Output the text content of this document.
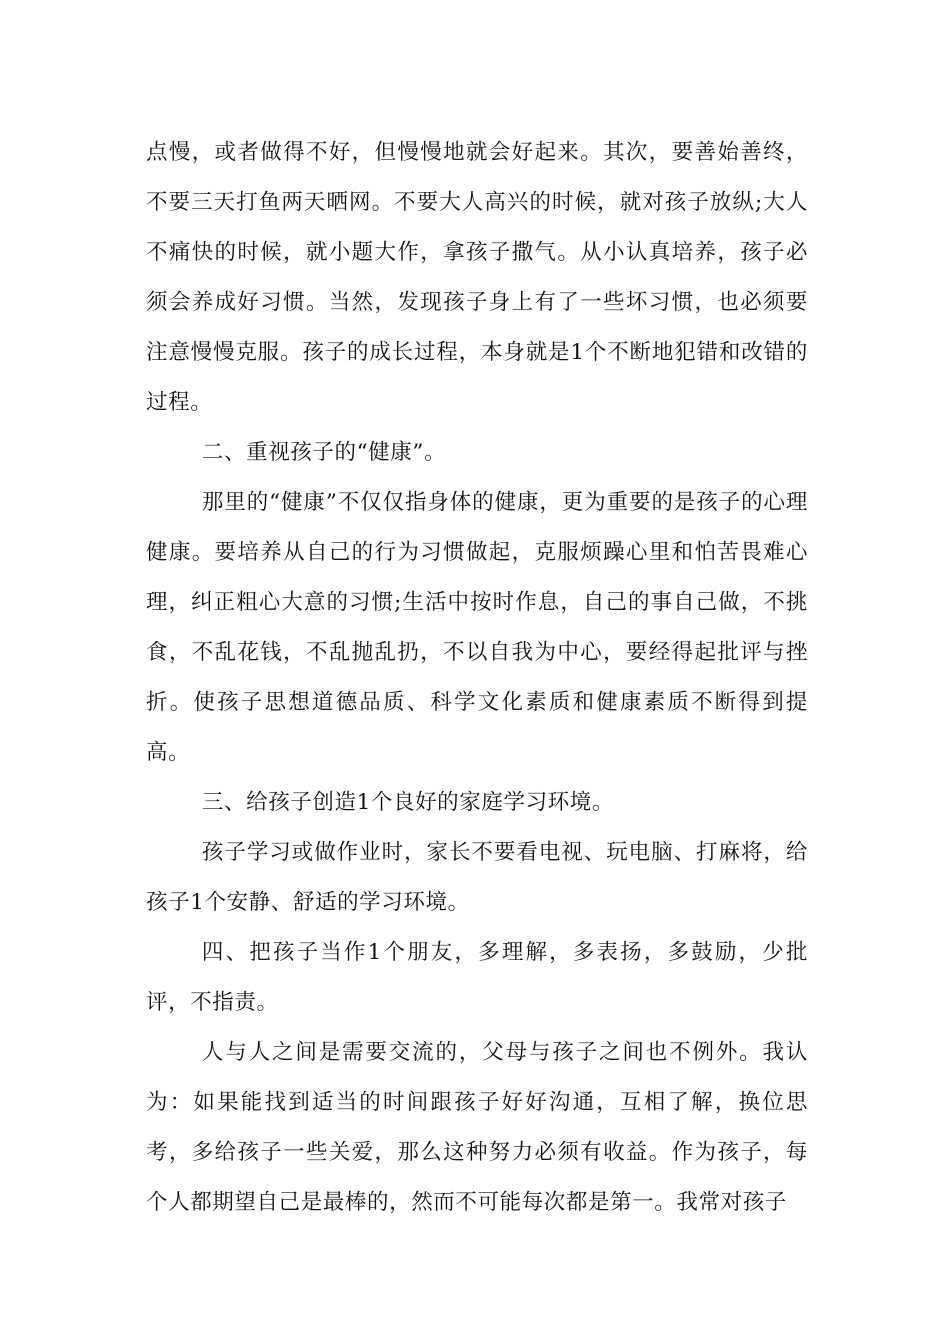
点慢，或者做得不好，但慢慢地就会好起来。其次，要善始善终，不要三天打鱼两天晒网。不要大人高兴的时候，就对孩子放纵;大人不痛快的时候，就小题大作，拿孩子撒气。从小认真培养，孩子必须会养成好习惯。当然，发现孩子身上有了一些坏习惯，也必须要注意慢慢克服。孩子的成长过程，本身就是1个不断地犯错和改错的过程。

二、重视孩子的“健康”。

那里的“健康”不仅仅指身体的健康，更为重要的是孩子的心理健康。要培养从自己的行为习惯做起，克服烦躁心里和怕苦畏难心理，纠正粗心大意的习惯;生活中按时作息，自己的事自己做，不挑食，不乱花钱，不乱抛乱扔，不以自我为中心，要经得起批评与挫折。使孩子思想道德品质、科学文化素质和健康素质不断得到提高。

三、给孩子创造1个良好的家庭学习环境。

孩子学习或做作业时，家长不要看电视、玩电脑、打麻将，给孩子1个安静、舒适的学习环境。

四、把孩子当作1个朋友，多理解，多表扬，多鼓励，少批评，不指责。

人与人之间是需要交流的，父母与孩子之间也不例外。我认为：如果能找到适当的时间跟孩子好好沟通，互相了解，换位思考，多给孩子一些关爱，那么这种努力必须有收益。作为孩子，每个人都期望自己是最棒的，然而不可能每次都是第一。我常对孩子
